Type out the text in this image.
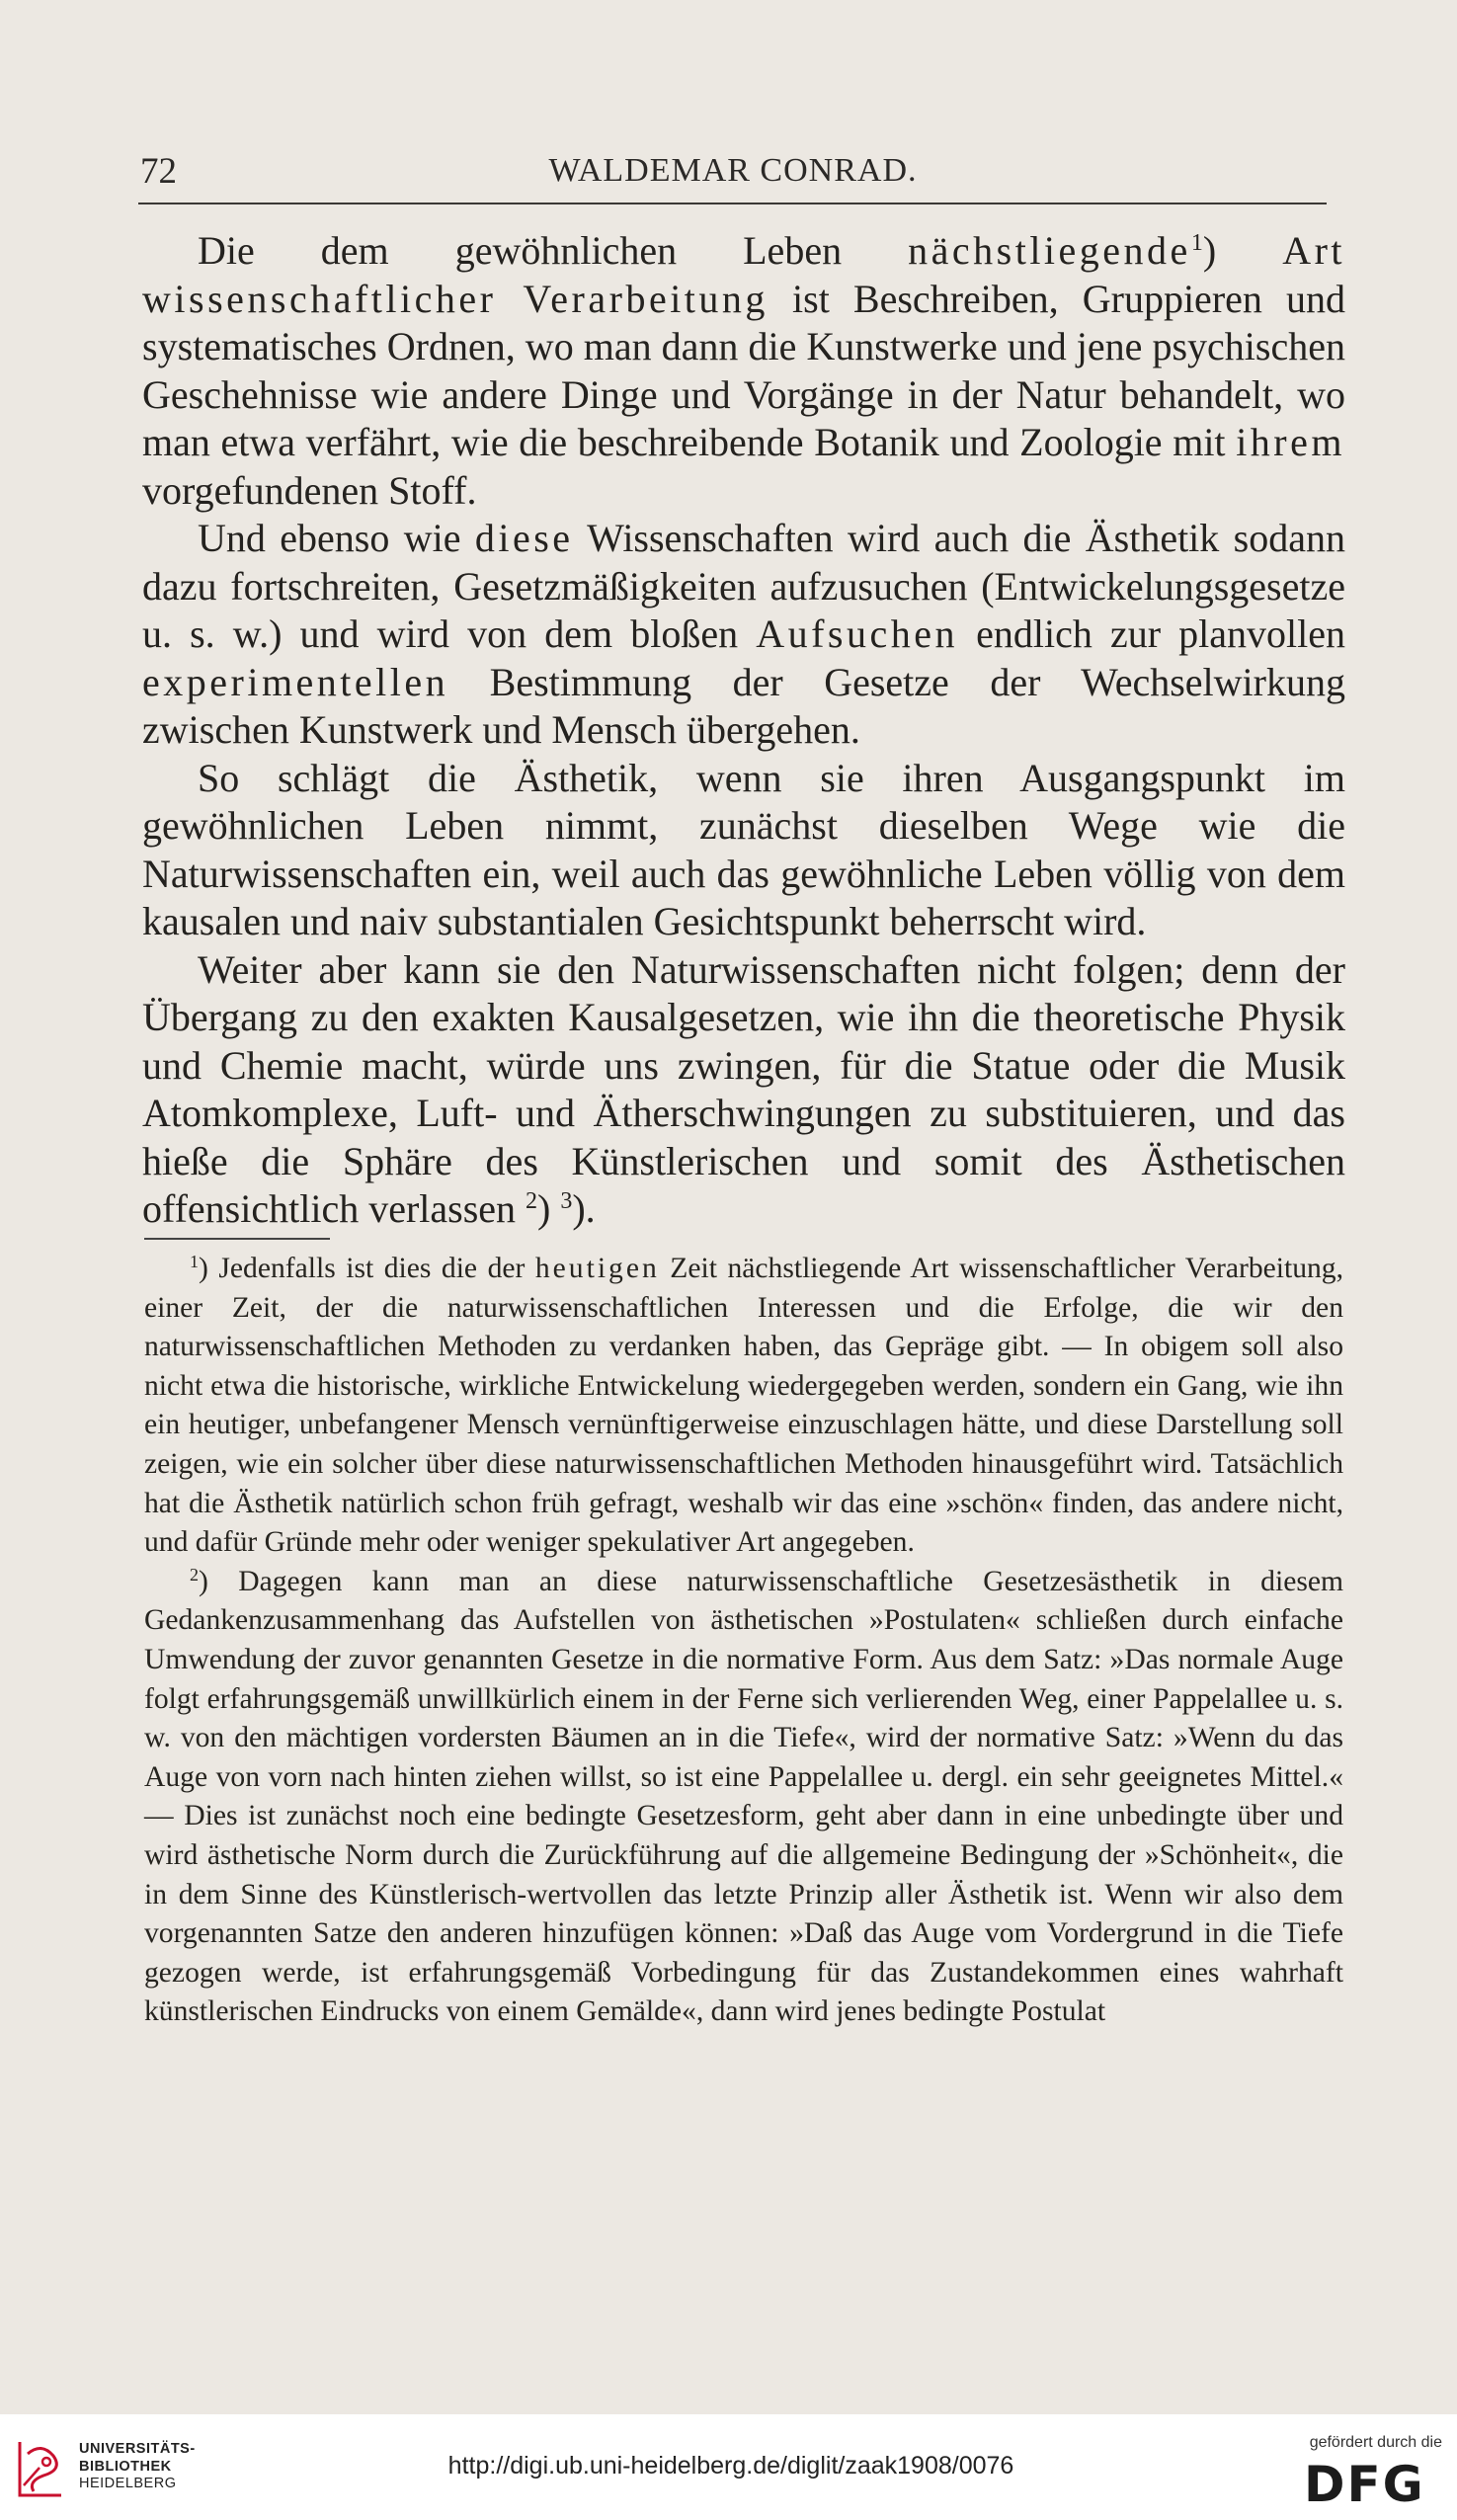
72	WALDEMAR CONRAD.

Die dem gewöhnlichen Leben nächstliegende$^1$) Art wissenschaftlicher Verarbeitung ist Beschreiben, Gruppieren und systematisches Ordnen, wo man dann die Kunstwerke und jene psychischen Geschehnisse wie andere Dinge und Vorgänge in der Natur behandelt, wo man etwa verfährt, wie die beschreibende Botanik und Zoologie mit ihrem vorgefundenen Stoff.

Und ebenso wie diese Wissenschaften wird auch die Ästhetik sodann dazu fortschreiten, Gesetzmäßigkeiten aufzusuchen (Entwickelungsgesetze u. s. w.) und wird von dem bloßen Aufsuchen endlich zur planvollen experimentellen Bestimmung der Gesetze der Wechselwirkung zwischen Kunstwerk und Mensch übergehen.

So schlägt die Ästhetik, wenn sie ihren Ausgangspunkt im gewöhnlichen Leben nimmt, zunächst dieselben Wege wie die Naturwissenschaften ein, weil auch das gewöhnliche Leben völlig von dem kausalen und naiv substantialen Gesichtspunkt beherrscht wird.

Weiter aber kann sie den Naturwissenschaften nicht folgen; denn der Übergang zu den exakten Kausalgesetzen, wie ihn die theoretische Physik und Chemie macht, würde uns zwingen, für die Statue oder die Musik Atomkomplexe, Luft- und Ätherschwingungen zu substituieren, und das hieße die Sphäre des Künstlerischen und somit des Ästhetischen offensichtlich verlassen $^2$) $^3$).

$^1$) Jedenfalls ist dies die der heutigen Zeit nächstliegende Art wissenschaftlicher Verarbeitung, einer Zeit, der die naturwissenschaftlichen Interessen und die Erfolge, die wir den naturwissenschaftlichen Methoden zu verdanken haben, das Gepräge gibt. — In obigem soll also nicht etwa die historische, wirkliche Entwickelung wiedergegeben werden, sondern ein Gang, wie ihn ein heutiger, unbefangener Mensch vernünftigerweise einzuschlagen hätte, und diese Darstellung soll zeigen, wie ein solcher über diese naturwissenschaftlichen Methoden hinausgeführt wird. Tatsächlich hat die Ästhetik natürlich schon früh gefragt, weshalb wir das eine »schön« finden, das andere nicht, und dafür Gründe mehr oder weniger spekulativer Art angegeben.

$^2$) Dagegen kann man an diese naturwissenschaftliche Gesetzesästhetik in diesem Gedankenzusammenhang das Aufstellen von ästhetischen »Postulaten« schließen durch einfache Umwendung der zuvor genannten Gesetze in die normative Form. Aus dem Satz: »Das normale Auge folgt erfahrungsgemäß unwillkürlich einem in der Ferne sich verlierenden Weg, einer Pappelallee u. s. w. von den mächtigen vordersten Bäumen an in die Tiefe«, wird der normative Satz: »Wenn du das Auge von vorn nach hinten ziehen willst, so ist eine Pappelallee u. dergl. ein sehr geeignetes Mittel.« — Dies ist zunächst noch eine bedingte Gesetzesform, geht aber dann in eine unbedingte über und wird ästhetische Norm durch die Zurückführung auf die allgemeine Bedingung der »Schönheit«, die in dem Sinne des Künstlerisch-wertvollen das letzte Prinzip aller Ästhetik ist. Wenn wir also dem vorgenannten Satze den anderen hinzufügen können: »Daß das Auge vom Vordergrund in die Tiefe gezogen werde, ist erfahrungsgemäß Vorbedingung für das Zustandekommen eines wahrhaft künstlerischen Eindrucks von einem Gemälde«, dann wird jenes bedingte Postulat

UNIVERSITÄTS-
BIBLIOTHEK
HEIDELBERG
http://digi.ub.uni-heidelberg.de/diglit/zaak1908/0076
gefördert durch die
DFG
